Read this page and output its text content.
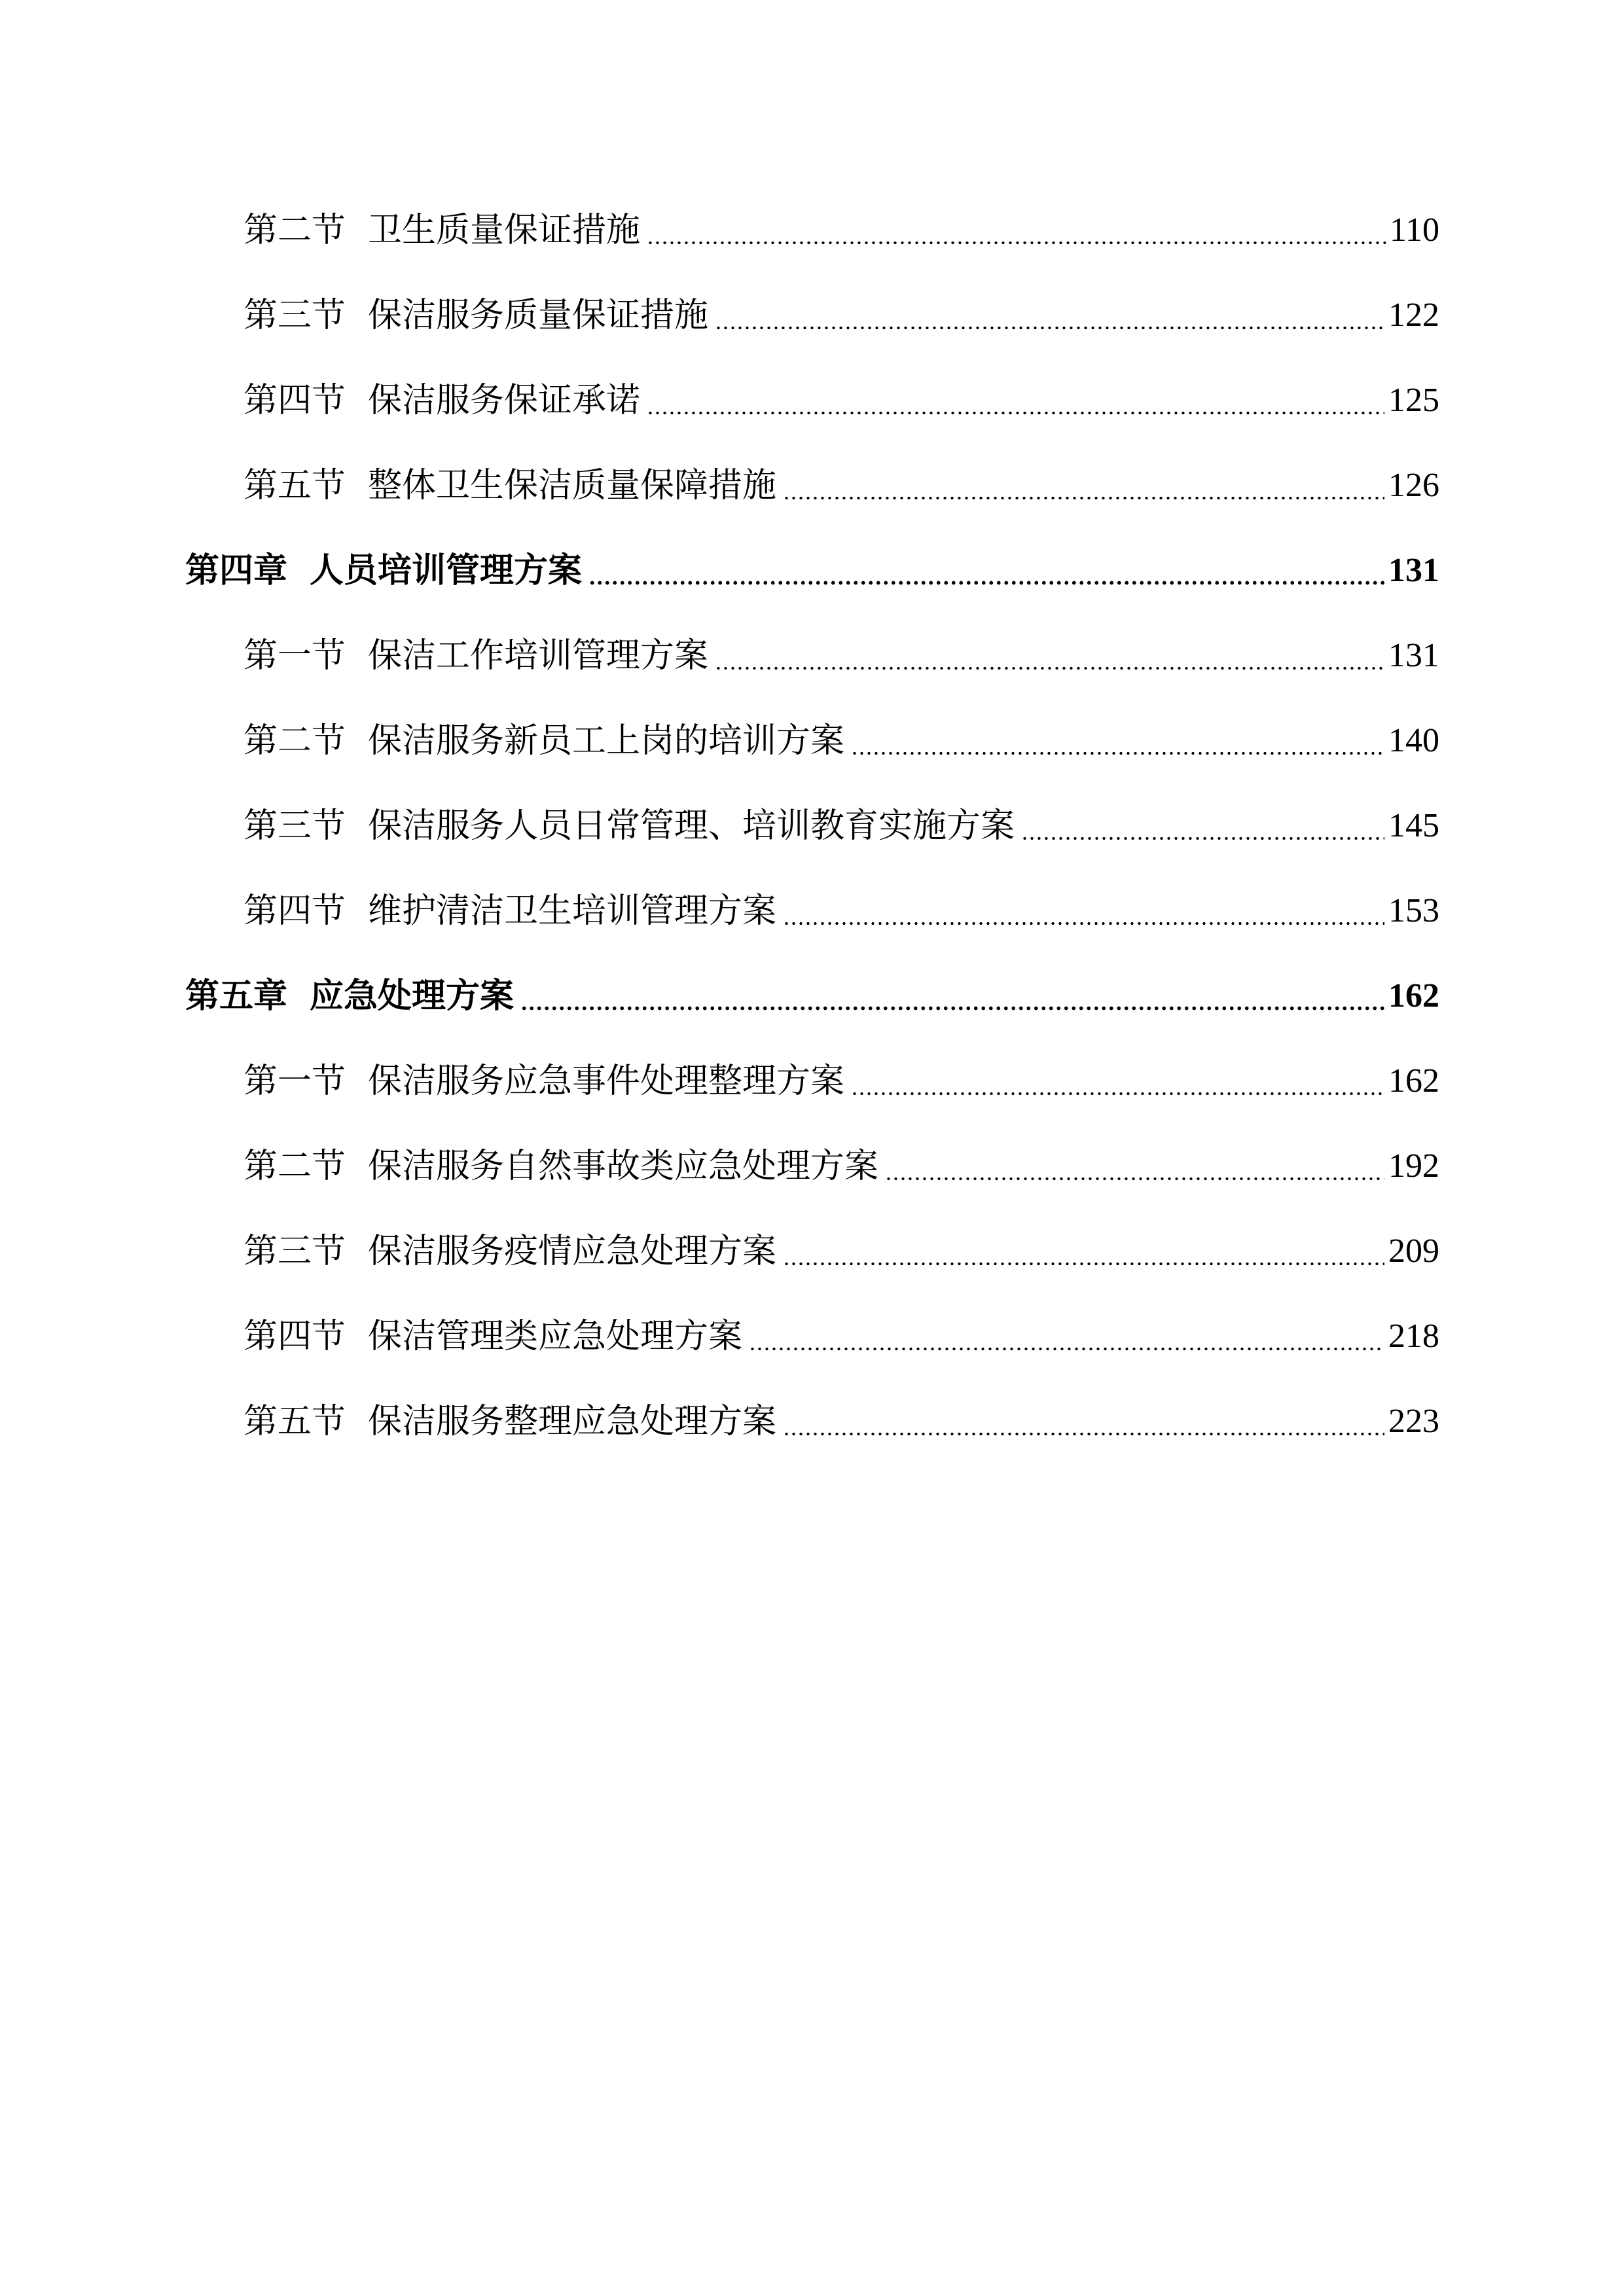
第二节 卫生质量保证措施	110
第三节 保洁服务质量保证措施	122
第四节 保洁服务保证承诺	125
第五节 整体卫生保洁质量保障措施	126
第四章 人员培训管理方案	131
第一节 保洁工作培训管理方案	131
第二节 保洁服务新员工上岗的培训方案	140
第三节 保洁服务人员日常管理、培训教育实施方案	145
第四节 维护清洁卫生培训管理方案	153
第五章 应急处理方案	162
第一节 保洁服务应急事件处理整理方案	162
第二节 保洁服务自然事故类应急处理方案	192
第三节 保洁服务疫情应急处理方案	209
第四节 保洁管理类应急处理方案	218
第五节 保洁服务整理应急处理方案	223
